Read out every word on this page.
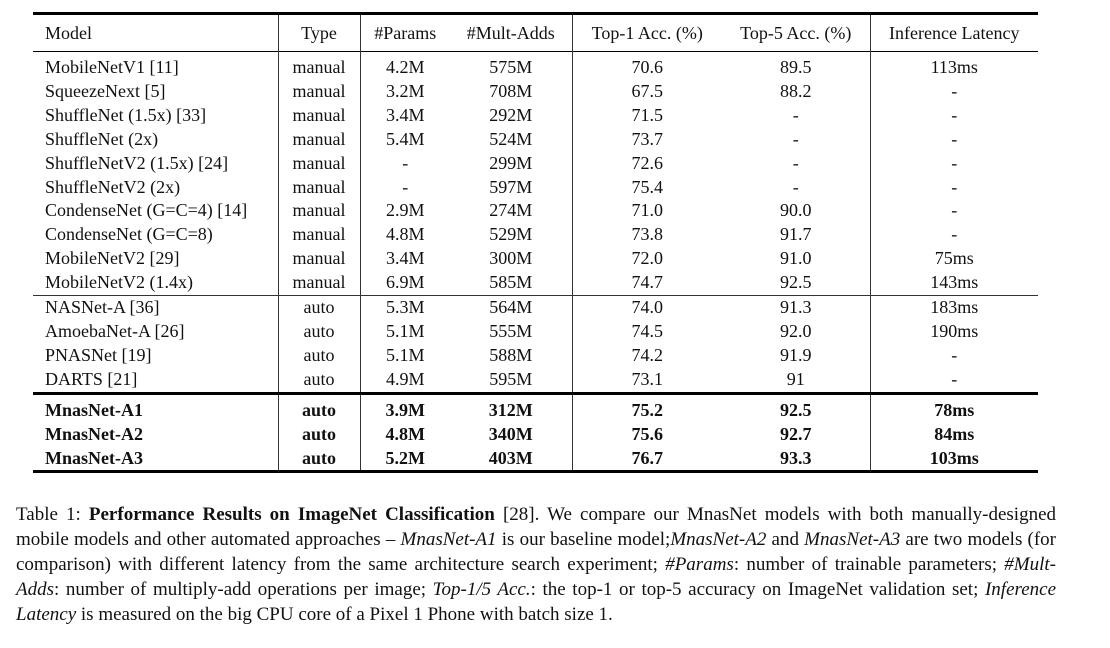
Model	Type	#Params	#Mult-Adds	Top-1 Acc. (%)	Top-5 Acc. (%)	Inference Latency
MobileNetV1 [11]	manual	4.2M	575M	70.6	89.5	113ms
SqueezeNext [5]	manual	3.2M	708M	67.5	88.2	-
ShuffleNet (1.5x) [33]	manual	3.4M	292M	71.5	-	-
ShuffleNet (2x)	manual	5.4M	524M	73.7	-	-
ShuffleNetV2 (1.5x) [24]	manual	-	299M	72.6	-	-
ShuffleNetV2 (2x)	manual	-	597M	75.4	-	-
CondenseNet (G=C=4) [14]	manual	2.9M	274M	71.0	90.0	-
CondenseNet (G=C=8)	manual	4.8M	529M	73.8	91.7	-
MobileNetV2 [29]	manual	3.4M	300M	72.0	91.0	75ms
MobileNetV2 (1.4x)	manual	6.9M	585M	74.7	92.5	143ms
NASNet-A [36]	auto	5.3M	564M	74.0	91.3	183ms
AmoebaNet-A [26]	auto	5.1M	555M	74.5	92.0	190ms
PNASNet [19]	auto	5.1M	588M	74.2	91.9	-
DARTS [21]	auto	4.9M	595M	73.1	91	-
MnasNet-A1	auto	3.9M	312M	75.2	92.5	78ms
MnasNet-A2	auto	4.8M	340M	75.6	92.7	84ms
MnasNet-A3	auto	5.2M	403M	76.7	93.3	103ms
Table 1: Performance Results on ImageNet Classification [28]. We compare our MnasNet models with both manually-designed mobile models and other automated approaches – MnasNet-A1 is our baseline model;MnasNet-A2 and MnasNet-A3 are two models (for comparison) with different latency from the same architecture search experiment; #Params: number of trainable parameters; #Mult-Adds: number of multiply-add operations per image; Top-1/5 Acc.: the top-1 or top-5 accuracy on ImageNet validation set; Inference Latency is measured on the big CPU core of a Pixel 1 Phone with batch size 1.
